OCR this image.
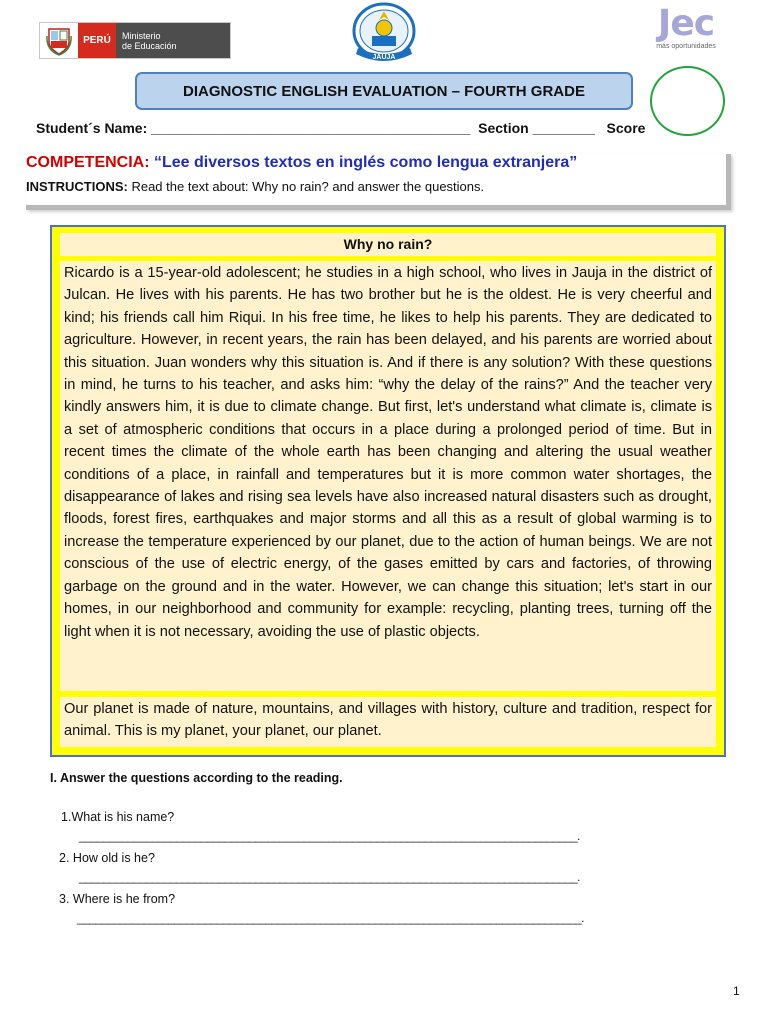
PERÚ	Ministerio
de Educación
JAUJA
Jec
más oportunidades
DIAGNOSTIC ENGLISH EVALUATION – FOURTH GRADE
Student´s Name: _________________________________________  Section ________   Score
COMPETENCIA: “Lee diversos textos en inglés como lengua extranjera”
INSTRUCTIONS: Read the text about: Why no rain? and answer the questions.
Why no rain?
Ricardo is a 15-year-old adolescent; he studies in a high school, who lives in Jauja in the district of Julcan. He lives with his parents. He has two brother but he is the oldest. He is very cheerful and kind; his friends call him Riqui. In his free time, he likes to help his parents. They are dedicated to agriculture. However, in recent years, the rain has been delayed, and his parents are worried about this situation. Juan wonders why this situation is. And if there is any solution? With these questions in mind, he turns to his teacher, and asks him: “why the delay of the rains?” And the teacher very kindly answers him, it is due to climate change. But first, let's understand what climate is, climate is a set of atmospheric conditions that occurs in a place during a prolonged period of time. But in recent times the climate of the whole earth has been changing and altering the usual weather conditions of a place, in rainfall and temperatures but it is more common water shortages, the disappearance of lakes and rising sea levels have also increased natural disasters such as drought, floods, forest fires, earthquakes and major storms and all this as a result of global warming is to increase the temperature experienced by our planet, due to the action of human beings. We are not conscious of the use of electric energy, of the gases emitted by cars and factories, of throwing garbage on the ground and in the water. However, we can change this situation; let's start in our homes, in our neighborhood and community for example: recycling, planting trees, turning off the light when it is not necessary, avoiding the use of plastic objects.
Our planet is made of nature, mountains, and villages with history, culture and tradition, respect for animal. This is my planet, your planet, our planet.
I. Answer the questions according to the reading.
1.What is his name?
__________________________________________________________________________________.
2. How old is he?
__________________________________________________________________________________.
3. Where is he from?
___________________________________________________________________________________.
1
